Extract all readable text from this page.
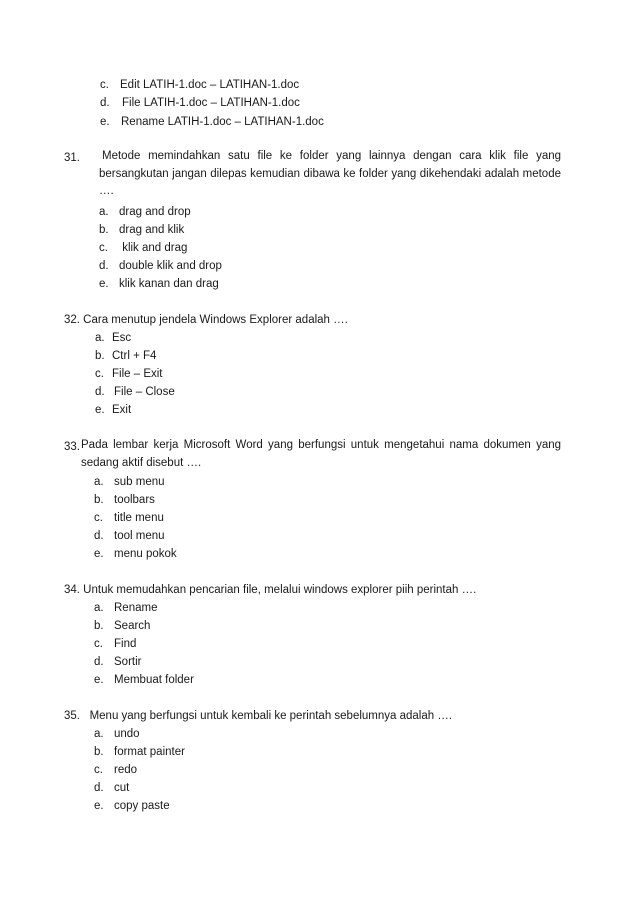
c. Edit LATIH-1.doc – LATIHAN-1.doc
d. File LATIH-1.doc – LATIHAN-1.doc
e. Rename LATIH-1.doc – LATIHAN-1.doc
31. Metode memindahkan satu file ke folder yang lainnya dengan cara klik file yang bersangkutan jangan dilepas kemudian dibawa ke folder yang dikehendaki adalah metode ….
a. drag and drop
b. drag and klik
c. klik and drag
d. double klik and drop
e. klik kanan dan drag
32. Cara menutup jendela Windows Explorer adalah ….
a. Esc
b. Ctrl + F4
c. File – Exit
d. File – Close
e. Exit
33. Pada lembar kerja Microsoft Word yang berfungsi untuk mengetahui nama dokumen yang sedang aktif disebut ….
a. sub menu
b. toolbars
c. title menu
d. tool menu
e. menu pokok
34. Untuk memudahkan pencarian file, melalui windows explorer piih perintah ….
a. Rename
b. Search
c. Find
d. Sortir
e. Membuat folder
35.   Menu yang berfungsi untuk kembali ke perintah sebelumnya adalah ….
a. undo
b. format painter
c. redo
d. cut
e. copy paste
